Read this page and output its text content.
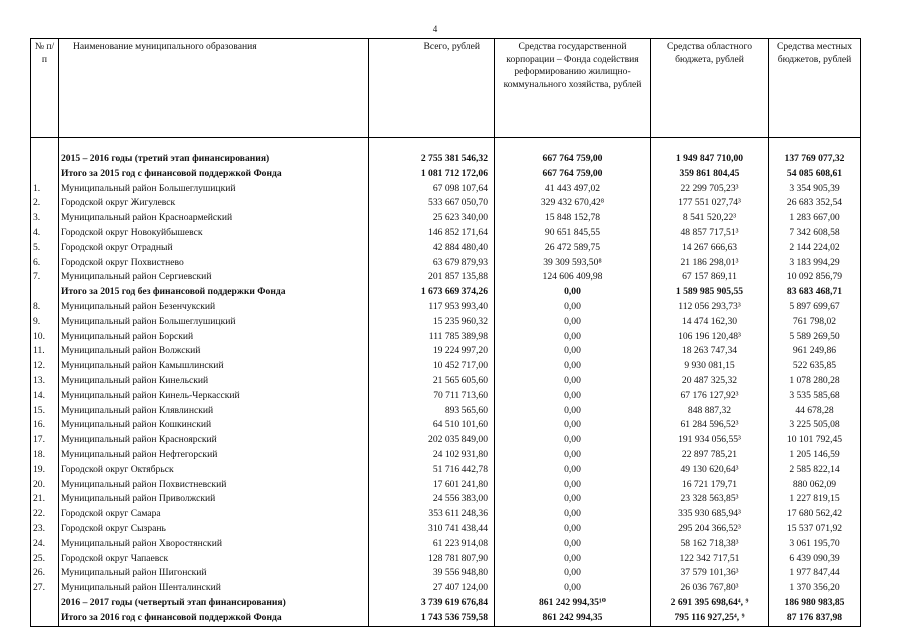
4
№ п/п	Наименование муниципального образования	Всего, рублей	Средства государственной корпорации – Фонда содействия реформированию жилищно-коммунального хозяйства, рублей	Средства областного бюджета, рублей	Средства местных бюджетов, рублей

	2015 – 2016 годы (третий этап финансирования)	2 755 381 546,32	667 764 759,00	1 949 847 710,00	137 769 077,32
	Итого за 2015 год с финансовой поддержкой Фонда	1 081 712 172,06	667 764 759,00	359 861 804,45	54 085 608,61
1.	Муниципальный район Большеглушицкий	67 098 107,64	41 443 497,02	22 299 705,23³	3 354 905,39
2.	Городской округ Жигулевск	533 667 050,70	329 432 670,42⁸	177 551 027,74³	26 683 352,54
3.	Муниципальный район Красноармейский	25 623 340,00	15 848 152,78	8 541 520,22³	1 283 667,00
4.	Городской округ Новокуйбышевск	146 852 171,64	90 651 845,55	48 857 717,51³	7 342 608,58
5.	Городской округ Отрадный	42 884 480,40	26 472 589,75	14 267 666,63	2 144 224,02
6.	Городской округ Похвистнево	63 679 879,93	39 309 593,50⁸	21 186 298,01³	3 183 994,29
7.	Муниципальный район Сергиевский	201 857 135,88	124 606 409,98	67 157 869,11	10 092 856,79
	Итого за 2015 год без финансовой поддержки Фонда	1 673 669 374,26	0,00	1 589 985 905,55	83 683 468,71
8.	Муниципальный район Безенчукский	117 953 993,40	0,00	112 056 293,73³	5 897 699,67
9.	Муниципальный район Большеглушицкий	15 235 960,32	0,00	14 474 162,30	761 798,02
10.	Муниципальный район Борский	111 785 389,98	0,00	106 196 120,48³	5 589 269,50
11.	Муниципальный район Волжский	19 224 997,20	0,00	18 263 747,34	961 249,86
12.	Муниципальный район Камышлинский	10 452 717,00	0,00	9 930 081,15	522 635,85
13.	Муниципальный район Кинельский	21 565 605,60	0,00	20 487 325,32	1 078 280,28
14.	Муниципальный район Кинель-Черкасский	70 711 713,60	0,00	67 176 127,92³	3 535 585,68
15.	Муниципальный район Клявлинский	893 565,60	0,00	848 887,32	44 678,28
16.	Муниципальный район Кошкинский	64 510 101,60	0,00	61 284 596,52³	3 225 505,08
17.	Муниципальный район Красноярский	202 035 849,00	0,00	191 934 056,55³	10 101 792,45
18.	Муниципальный район Нефтегорский	24 102 931,80	0,00	22 897 785,21	1 205 146,59
19.	Городской округ Октябрьск	51 716 442,78	0,00	49 130 620,64³	2 585 822,14
20.	Муниципальный район Похвистневский	17 601 241,80	0,00	16 721 179,71	880 062,09
21.	Муниципальный район Приволжский	24 556 383,00	0,00	23 328 563,85³	1 227 819,15
22.	Городской округ Самара	353 611 248,36	0,00	335 930 685,94³	17 680 562,42
23.	Городской округ Сызрань	310 741 438,44	0,00	295 204 366,52³	15 537 071,92
24.	Муниципальный район Хворостянский	61 223 914,08	0,00	58 162 718,38³	3 061 195,70
25.	Городской округ Чапаевск	128 781 807,90	0,00	122 342 717,51	6 439 090,39
26.	Муниципальный район Шигонский	39 556 948,80	0,00	37 579 101,36³	1 977 847,44
27.	Муниципальный район Шенталинский	27 407 124,00	0,00	26 036 767,80³	1 370 356,20
	2016 – 2017 годы (четвертый этап финансирования)	3 739 619 676,84	861 242 994,35¹⁰	2 691 395 698,64⁴, ⁹	186 980 983,85
	Итого за 2016 год с финансовой поддержкой Фонда	1 743 536 759,58	861 242 994,35	795 116 927,25⁴, ⁹	87 176 837,98
